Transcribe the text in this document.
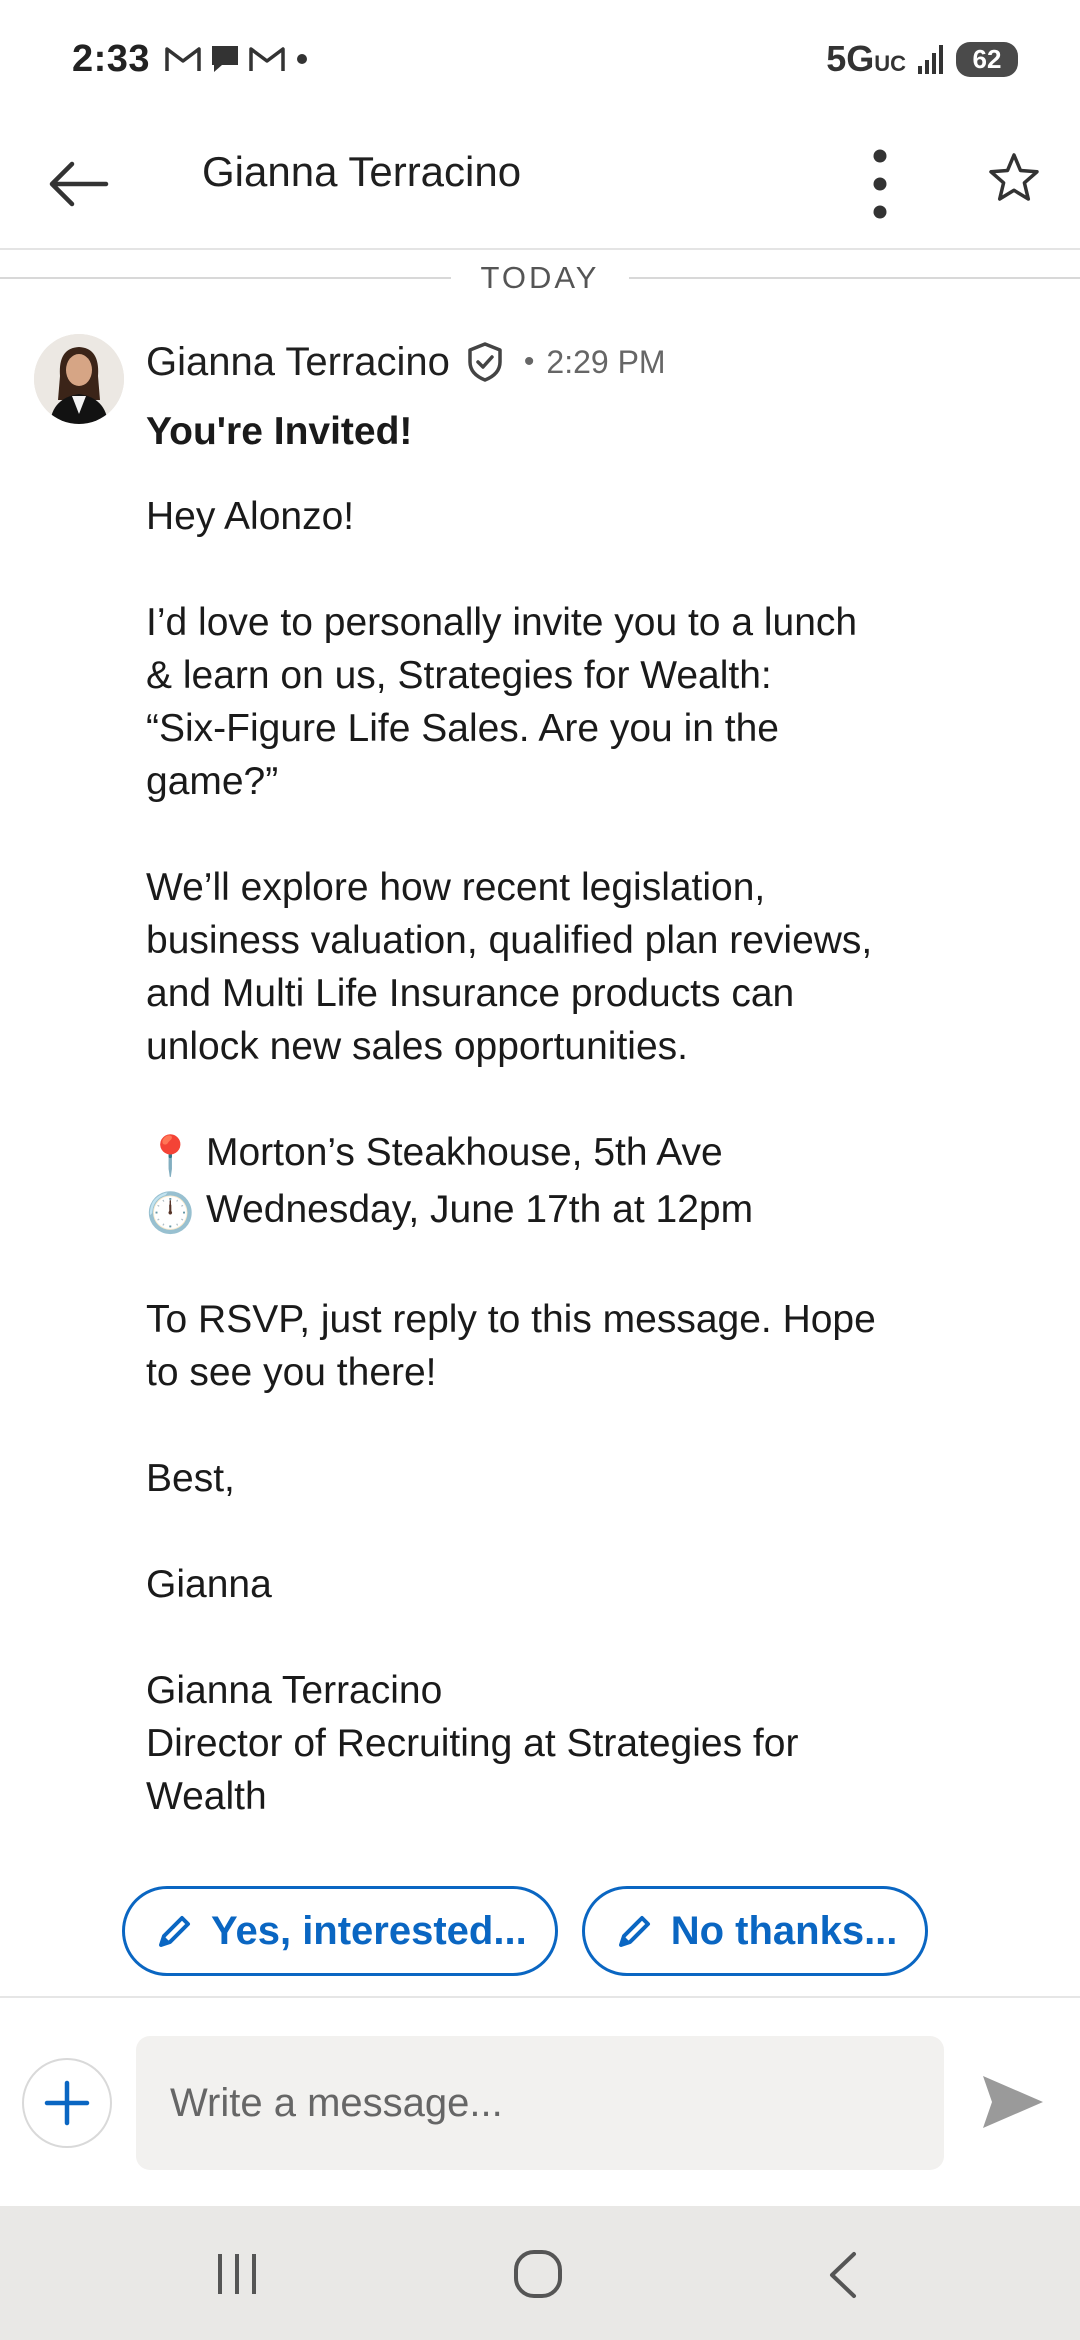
2:33	5GUC	62
Gianna Terracino
TODAY
Gianna Terracino • 2:29 PM
You're Invited!
Hey Alonzo!
I’d love to personally invite you to a lunch
& learn on us, Strategies for Wealth:
“Six-Figure Life Sales. Are you in the
game?”
We’ll explore how recent legislation,
business valuation, qualified plan reviews,
and Multi Life Insurance products can
unlock new sales opportunities.
📍 Morton’s Steakhouse, 5th Ave
🕛 Wednesday, June 17th at 12pm
To RSVP, just reply to this message. Hope
to see you there!
Best,
Gianna
Gianna Terracino
Director of Recruiting at Strategies for
Wealth
Yes, interested...	No thanks...
Write a message...
